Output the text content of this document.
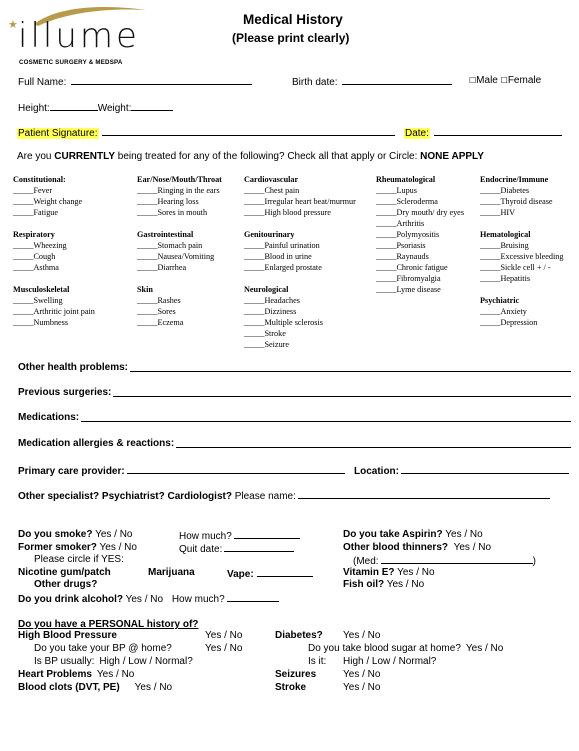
★ illume
COSMETIC SURGERY & MEDSPA
Medical History
(Please print clearly)
Full Name:	Birth date:	☐Male ☐Female
Height:	Weight:
Patient Signature:	Date:
Are you CURRENTLY being treated for any of the following? Check all that apply or Circle: NONE APPLY
Constitutional:
_____ Fever
_____ Weight change
_____ Fatigue
Ear/Nose/Mouth/Throat
_____ Ringing in the ears
_____ Hearing loss
_____ Sores in mouth
Cardiovascular
_____ Chest pain
_____ Irregular heart beat/murmur
_____ High blood pressure
Rheumatological
_____ Lupus
_____ Scleroderma
_____ Dry mouth/ dry eyes
_____ Arthritis
_____ Polymyositis
_____ Psoriasis
_____ Raynauds
_____ Chronic fatigue
_____ Fibromyalgia
_____ Lyme disease
Endocrine/Immune
_____ Diabetes
_____ Thyroid disease
_____ HIV
Respiratory
_____ Wheezing
_____ Cough
_____ Asthma
Gastrointestinal
_____ Stomach pain
_____ Nausea/Vomiting
_____ Diarrhea
Genitourinary
_____ Painful urination
_____ Blood in urine
_____ Enlarged prostate
Hematological
_____ Bruising
_____ Excessive bleeding
_____ Sickle cell + / -
_____ Hepatitis
Musculoskeletal
_____ Swelling
_____ Arthritic joint pain
_____ Numbness
Skin
_____ Rashes
_____ Sores
_____ Eczema
Neurological
_____ Headaches
_____ Dizziness
_____ Multiple sclerosis
_____ Stroke
_____ Seizure
Psychiatric
_____ Anxiety
_____ Depression
Other health problems:
Previous surgeries:
Medications:
Medication allergies & reactions:
Primary care provider:	Location:
Other specialist? Psychiatrist? Cardiologist? Please name:
Do you smoke? Yes / No	How much?
Former smoker? Yes / No	Quit date:
Please circle if YES:
Nicotine gum/patch	Marijuana	Vape:
Other drugs?
Do you drink alcohol? Yes / No How much?
Do you take Aspirin? Yes / No
Other blood thinners? Yes / No
(Med:	)
Vitamin E? Yes / No
Fish oil? Yes / No
Do you have a PERSONAL history of?
High Blood Pressure	Yes / No
Do you take your BP @ home?	Yes / No
Is BP usually: High / Low / Normal?
Heart Problems Yes / No
Blood clots (DVT, PE) Yes / No
Diabetes? Yes / No
Do you take blood sugar at home? Yes / No
Is it: High / Low / Normal?
Seizures	Yes / No
Stroke	Yes / No
